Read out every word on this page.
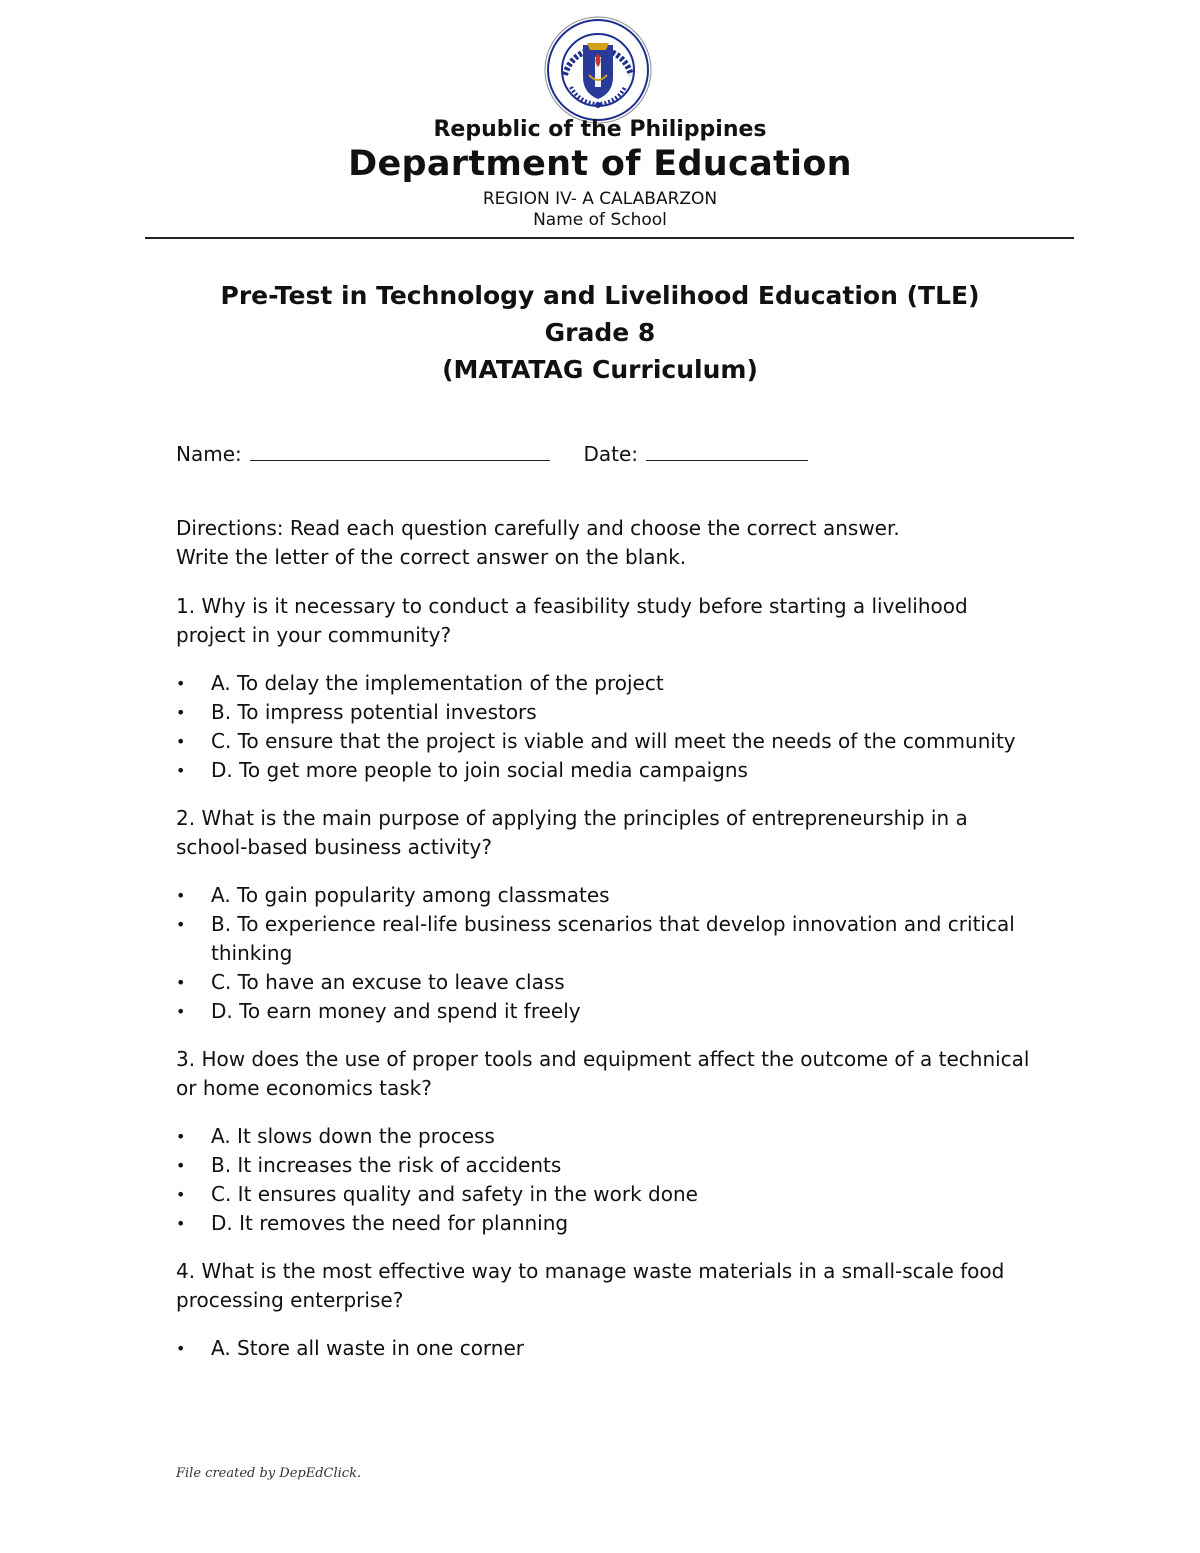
Republic of the Philippines
Department of Education
REGION IV- A CALABARZON
Name of School
Pre-Test in Technology and Livelihood Education (TLE)
Grade 8
(MATATAG Curriculum)
Name:	Date:

Directions: Read each question carefully and choose the correct answer.
Write the letter of the correct answer on the blank.

1. Why is it necessary to conduct a feasibility study before starting a livelihood project in your community?

• A. To delay the implementation of the project
• B. To impress potential investors
• C. To ensure that the project is viable and will meet the needs of the community
• D. To get more people to join social media campaigns

2. What is the main purpose of applying the principles of entrepreneurship in a school-based business activity?

• A. To gain popularity among classmates
• B. To experience real-life business scenarios that develop innovation and critical thinking
• C. To have an excuse to leave class
• D. To earn money and spend it freely

3. How does the use of proper tools and equipment affect the outcome of a technical or home economics task?

• A. It slows down the process
• B. It increases the risk of accidents
• C. It ensures quality and safety in the work done
• D. It removes the need for planning

4. What is the most effective way to manage waste materials in a small-scale food processing enterprise?

• A. Store all waste in one corner
File created by DepEdClick.
